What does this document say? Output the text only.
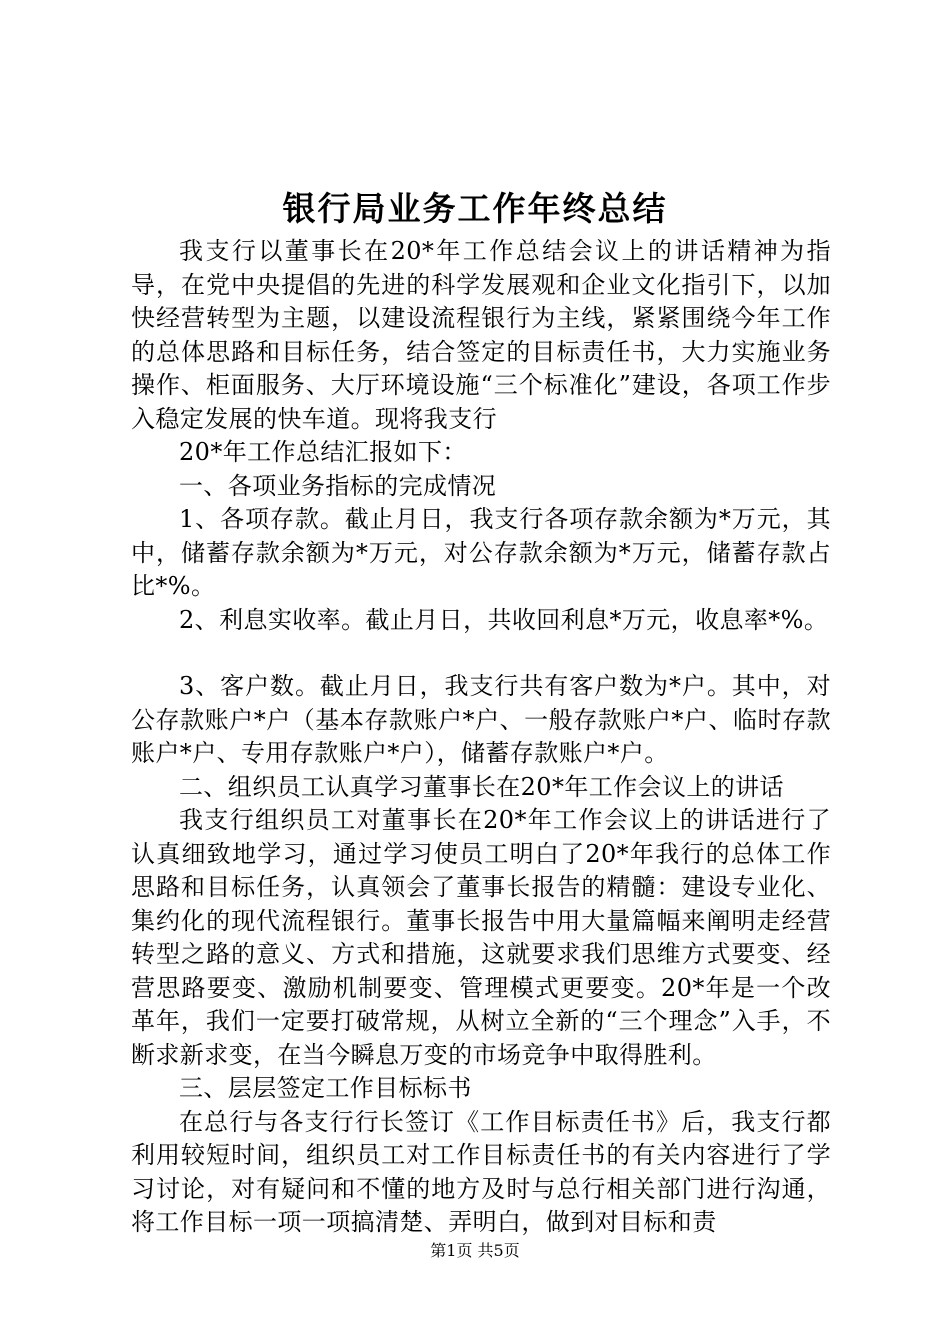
银行局业务工作年终总结

我支行以董事长在20*年工作总结会议上的讲话精神为指导，在党中央提倡的先进的科学发展观和企业文化指引下，以加快经营转型为主题，以建设流程银行为主线，紧紧围绕今年工作的总体思路和目标任务，结合签定的目标责任书，大力实施业务操作、柜面服务、大厅环境设施“三个标准化”建设，各项工作步入稳定发展的快车道。现将我支行

20*年工作总结汇报如下：

一、各项业务指标的完成情况

1、各项存款。截止月日，我支行各项存款余额为*万元，其中，储蓄存款余额为*万元，对公存款余额为*万元，储蓄存款占比*%。

2、利息实收率。截止月日，共收回利息*万元，收息率*%。

3、客户数。截止月日，我支行共有客户数为*户。其中，对公存款账户*户（基本存款账户*户、一般存款账户*户、临时存款账户*户、专用存款账户*户），储蓄存款账户*户。

二、组织员工认真学习董事长在20*年工作会议上的讲话

我支行组织员工对董事长在20*年工作会议上的讲话进行了认真细致地学习，通过学习使员工明白了20*年我行的总体工作思路和目标任务，认真领会了董事长报告的精髓：建设专业化、集约化的现代流程银行。董事长报告中用大量篇幅来阐明走经营转型之路的意义、方式和措施，这就要求我们思维方式要变、经营思路要变、激励机制要变、管理模式更要变。20*年是一个改革年，我们一定要打破常规，从树立全新的“三个理念”入手，不断求新求变，在当今瞬息万变的市场竞争中取得胜利。

三、层层签定工作目标标书

在总行与各支行行长签订《工作目标责任书》后，我支行都利用较短时间，组织员工对工作目标责任书的有关内容进行了学习讨论，对有疑问和不懂的地方及时与总行相关部门进行沟通，将工作目标一项一项搞清楚、弄明白，做到对目标和责

第1页 共5页
